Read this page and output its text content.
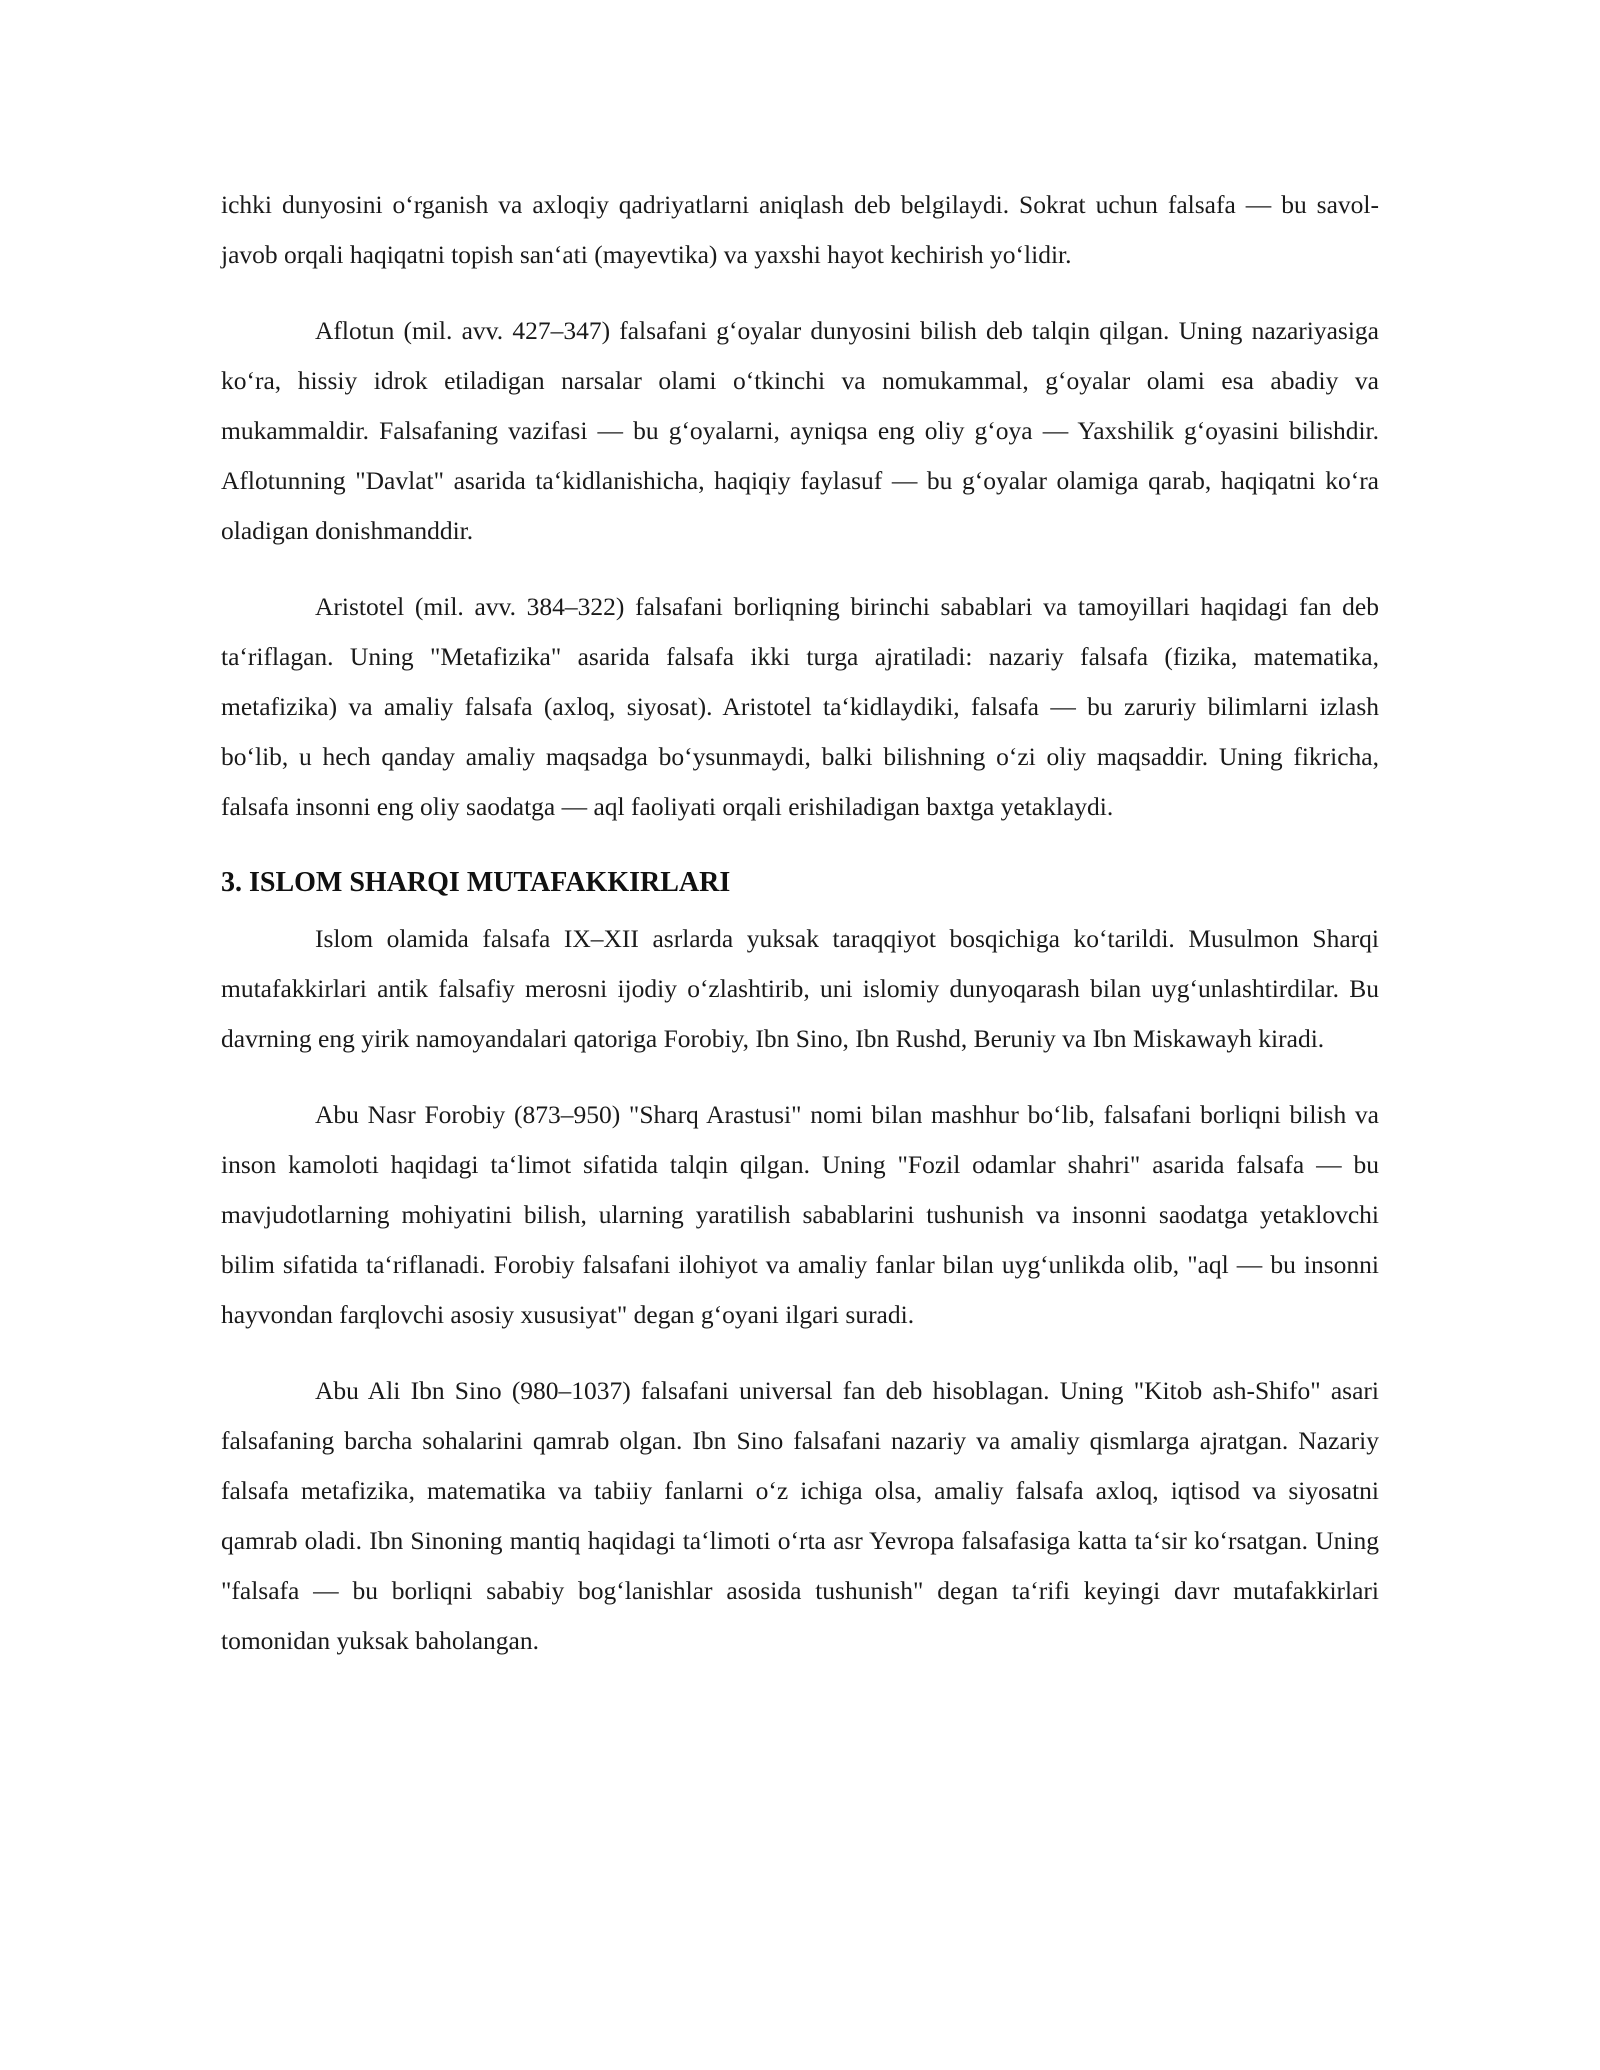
ichki dunyosini o‘rganish va axloqiy qadriyatlarni aniqlash deb belgilaydi. Sokrat uchun falsafa — bu savol-javob orqali haqiqatni topish san‘ati (mayevtika) va yaxshi hayot kechirish yo‘lidir.

Aflotun (mil. avv. 427–347) falsafani g‘oyalar dunyosini bilish deb talqin qilgan. Uning nazariyasiga ko‘ra, hissiy idrok etiladigan narsalar olami o‘tkinchi va nomukammal, g‘oyalar olami esa abadiy va mukammaldir. Falsafaning vazifasi — bu g‘oyalarni, ayniqsa eng oliy g‘oya — Yaxshilik g‘oyasini bilishdir. Aflotunning "Davlat" asarida ta‘kidlanishicha, haqiqiy faylasuf — bu g‘oyalar olamiga qarab, haqiqatni ko‘ra oladigan donishmanddir.

Aristotel (mil. avv. 384–322) falsafani borliqning birinchi sabablari va tamoyillari haqidagi fan deb ta‘riflagan. Uning "Metafizika" asarida falsafa ikki turga ajratiladi: nazariy falsafa (fizika, matematika, metafizika) va amaliy falsafa (axloq, siyosat). Aristotel ta‘kidlaydiki, falsafa — bu zaruriy bilimlarni izlash bo‘lib, u hech qanday amaliy maqsadga bo‘ysunmaydi, balki bilishning o‘zi oliy maqsaddir. Uning fikricha, falsafa insonni eng oliy saodatga — aql faoliyati orqali erishiladigan baxtga yetaklaydi.

3. ISLOM SHARQI MUTAFAKKIRLARI

Islom olamida falsafa IX–XII asrlarda yuksak taraqqiyot bosqichiga ko‘tarildi. Musulmon Sharqi mutafakkirlari antik falsafiy merosni ijodiy o‘zlashtirib, uni islomiy dunyoqarash bilan uyg‘unlashtirdilar. Bu davrning eng yirik namoyandalari qatoriga Forobiy, Ibn Sino, Ibn Rushd, Beruniy va Ibn Miskawayh kiradi.

Abu Nasr Forobiy (873–950) "Sharq Arastusi" nomi bilan mashhur bo‘lib, falsafani borliqni bilish va inson kamoloti haqidagi ta‘limot sifatida talqin qilgan. Uning "Fozil odamlar shahri" asarida falsafa — bu mavjudotlarning mohiyatini bilish, ularning yaratilish sabablarini tushunish va insonni saodatga yetaklovchi bilim sifatida ta‘riflanadi. Forobiy falsafani ilohiyot va amaliy fanlar bilan uyg‘unlikda olib, "aql — bu insonni hayvondan farqlovchi asosiy xususiyat" degan g‘oyani ilgari suradi.

Abu Ali Ibn Sino (980–1037) falsafani universal fan deb hisoblagan. Uning "Kitob ash-Shifo" asari falsafaning barcha sohalarini qamrab olgan. Ibn Sino falsafani nazariy va amaliy qismlarga ajratgan. Nazariy falsafa metafizika, matematika va tabiiy fanlarni o‘z ichiga olsa, amaliy falsafa axloq, iqtisod va siyosatni qamrab oladi. Ibn Sinoning mantiq haqidagi ta‘limoti o‘rta asr Yevropa falsafasiga katta ta‘sir ko‘rsatgan. Uning "falsafa — bu borliqni sababiy bog‘lanishlar asosida tushunish" degan ta‘rifi keyingi davr mutafakkirlari tomonidan yuksak baholangan.
